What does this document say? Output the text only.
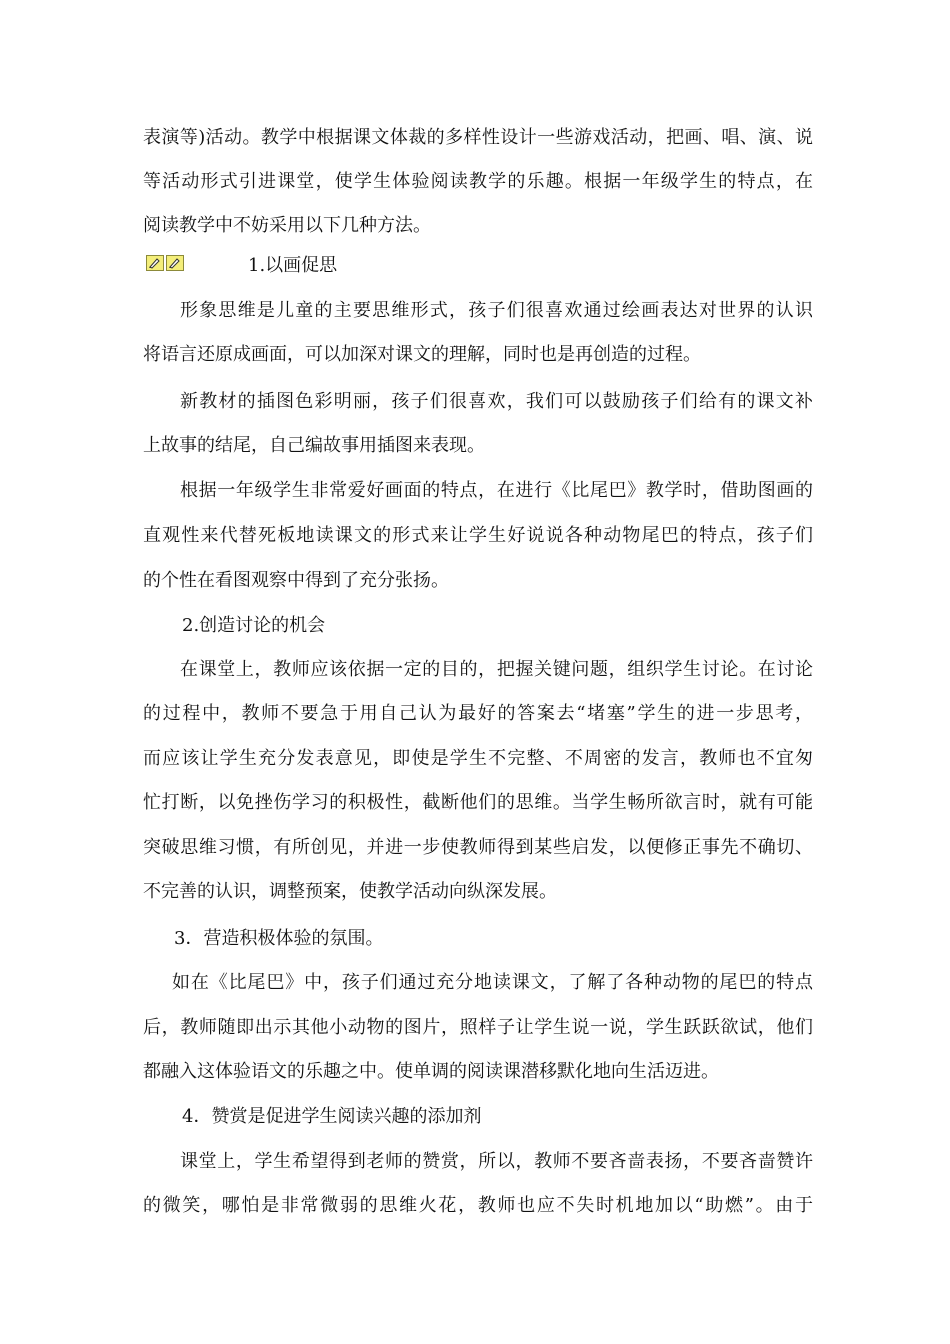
表演等)活动。教学中根据课文体裁的多样性设计一些游戏活动，把画、唱、演、说
等活动形式引进课堂，使学生体验阅读教学的乐趣。根据一年级学生的特点，在
阅读教学中不妨采用以下几种方法。
1.以画促思
形象思维是儿童的主要思维形式，孩子们很喜欢通过绘画表达对世界的认识
将语言还原成画面，可以加深对课文的理解，同时也是再创造的过程。
新教材的插图色彩明丽，孩子们很喜欢，我们可以鼓励孩子们给有的课文补
上故事的结尾，自己编故事用插图来表现。
根据一年级学生非常爱好画面的特点，在进行《比尾巴》教学时，借助图画的
直观性来代替死板地读课文的形式来让学生好说说各种动物尾巴的特点，孩子们
的个性在看图观察中得到了充分张扬。
2.创造讨论的机会
在课堂上，教师应该依据一定的目的，把握关键问题，组织学生讨论。在讨论
的过程中，教师不要急于用自己认为最好的答案去“堵塞”学生的进一步思考，
而应该让学生充分发表意见，即使是学生不完整、不周密的发言，教师也不宜匆
忙打断，以免挫伤学习的积极性，截断他们的思维。当学生畅所欲言时，就有可能
突破思维习惯，有所创见，并进一步使教师得到某些启发，以便修正事先不确切、
不完善的认识，调整预案，使教学活动向纵深发展。
3．营造积极体验的氛围。
如在《比尾巴》中，孩子们通过充分地读课文，了解了各种动物的尾巴的特点
后，教师随即出示其他小动物的图片，照样子让学生说一说，学生跃跃欲试，他们
都融入这体验语文的乐趣之中。使单调的阅读课潜移默化地向生活迈进。
4．赞赏是促进学生阅读兴趣的添加剂
课堂上，学生希望得到老师的赞赏，所以，教师不要吝啬表扬，不要吝啬赞许
的微笑，哪怕是非常微弱的思维火花，教师也应不失时机地加以“助燃”。由于
